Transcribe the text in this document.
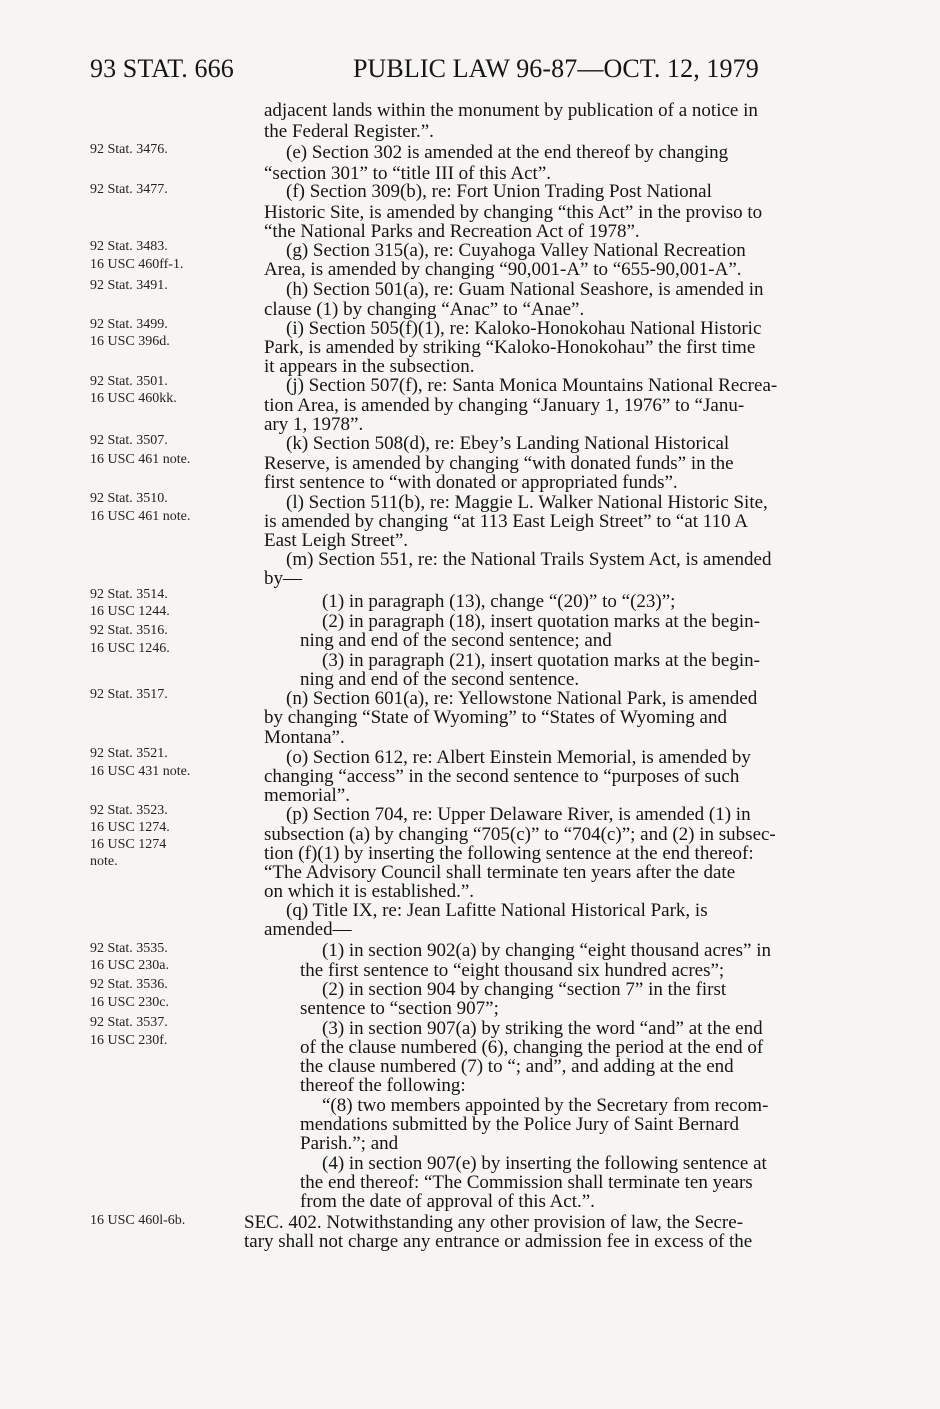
93 STAT. 666	PUBLIC LAW 96-87—OCT. 12, 1979
adjacent lands within the monument by publication of a notice in
the Federal Register.”.
(e) Section 302 is amended at the end thereof by changing
“section 301” to “title III of this Act”.
(f) Section 309(b), re: Fort Union Trading Post National
Historic Site, is amended by changing “this Act” in the proviso to
“the National Parks and Recreation Act of 1978”.
(g) Section 315(a), re: Cuyahoga Valley National Recreation
Area, is amended by changing “90,001-A” to “655-90,001-A”.
(h) Section 501(a), re: Guam National Seashore, is amended in
clause (1) by changing “Anac” to “Anae”.
(i) Section 505(f)(1), re: Kaloko-Honokohau National Historic
Park, is amended by striking “Kaloko-Honokohau” the first time
it appears in the subsection.
(j) Section 507(f), re: Santa Monica Mountains National Recrea-
tion Area, is amended by changing “January 1, 1976” to “Janu-
ary 1, 1978”.
(k) Section 508(d), re: Ebey’s Landing National Historical
Reserve, is amended by changing “with donated funds” in the
first sentence to “with donated or appropriated funds”.
(l) Section 511(b), re: Maggie L. Walker National Historic Site,
is amended by changing “at 113 East Leigh Street” to “at 110 A
East Leigh Street”.
(m) Section 551, re: the National Trails System Act, is amended
by—
(1) in paragraph (13), change “(20)” to “(23)”;
(2) in paragraph (18), insert quotation marks at the begin-
ning and end of the second sentence; and
(3) in paragraph (21), insert quotation marks at the begin-
ning and end of the second sentence.
(n) Section 601(a), re: Yellowstone National Park, is amended
by changing “State of Wyoming” to “States of Wyoming and
Montana”.
(o) Section 612, re: Albert Einstein Memorial, is amended by
changing “access” in the second sentence to “purposes of such
memorial”.
(p) Section 704, re: Upper Delaware River, is amended (1) in
subsection (a) by changing “705(c)” to “704(c)”; and (2) in subsec-
tion (f)(1) by inserting the following sentence at the end thereof:
“The Advisory Council shall terminate ten years after the date
on which it is established.”.
(q) Title IX, re: Jean Lafitte National Historical Park, is
amended—
(1) in section 902(a) by changing “eight thousand acres” in
the first sentence to “eight thousand six hundred acres”;
(2) in section 904 by changing “section 7” in the first
sentence to “section 907”;
(3) in section 907(a) by striking the word “and” at the end
of the clause numbered (6), changing the period at the end of
the clause numbered (7) to “; and”, and adding at the end
thereof the following:
“(8) two members appointed by the Secretary from recom-
mendations submitted by the Police Jury of Saint Bernard
Parish.”; and
(4) in section 907(e) by inserting the following sentence at
the end thereof: “The Commission shall terminate ten years
from the date of approval of this Act.”.
SEC. 402. Notwithstanding any other provision of law, the Secre-
tary shall not charge any entrance or admission fee in excess of the
92 Stat. 3476.
92 Stat. 3477.
92 Stat. 3483.
16 USC 460ff-1.
92 Stat. 3491.
92 Stat. 3499.
16 USC 396d.
92 Stat. 3501.
16 USC 460kk.
92 Stat. 3507.
16 USC 461 note.
92 Stat. 3510.
16 USC 461 note.
92 Stat. 3514.
16 USC 1244.
92 Stat. 3516.
16 USC 1246.
92 Stat. 3517.
92 Stat. 3521.
16 USC 431 note.
92 Stat. 3523.
16 USC 1274.
16 USC 1274
note.
92 Stat. 3535.
16 USC 230a.
92 Stat. 3536.
16 USC 230c.
92 Stat. 3537.
16 USC 230f.
16 USC 460l-6b.
